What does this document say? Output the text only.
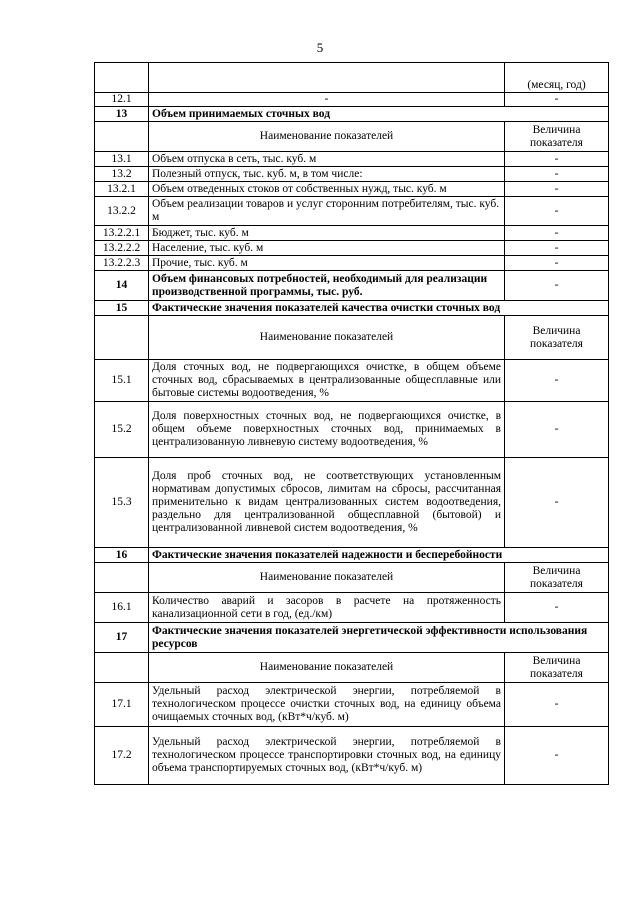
5
		(месяц, год)
12.1	-	-
13	Объем принимаемых сточных вод	
	Наименование показателей	Величина показателя
13.1	Объем отпуска в сеть, тыс. куб. м	-
13.2	Полезный отпуск, тыс. куб. м, в том числе:	-
13.2.1	Объем отведенных стоков от собственных нужд, тыс. куб. м	-
13.2.2	Объем реализации товаров и услуг сторонним потребителям, тыс. куб. м	-
13.2.2.1	Бюджет, тыс. куб. м	-
13.2.2.2	Население, тыс. куб. м	-
13.2.2.3	Прочие, тыс. куб. м	-
14	Объем финансовых потребностей, необходимый для реализации производственной программы, тыс. руб.	-
15	Фактические значения показателей качества очистки сточных вод	
	Наименование показателей	Величина показателя
15.1	Доля сточных вод, не подвергающихся очистке, в общем объеме сточных вод, сбрасываемых в централизованные общесплавные или бытовые системы водоотведения, %	-
15.2	Доля поверхностных сточных вод, не подвергающихся очистке, в общем объеме поверхностных сточных вод, принимаемых в централизованную ливневую систему водоотведения, %	-
15.3	Доля проб сточных вод, не соответствующих установленным нормативам допустимых сбросов, лимитам на сбросы, рассчитанная применительно к видам централизованных систем водоотведения, раздельно для централизованной общесплавной (бытовой) и централизованной ливневой систем водоотведения, %	-
16	Фактические значения показателей надежности и бесперебойности	
	Наименование показателей	Величина показателя
16.1	Количество аварий и засоров в расчете на протяженность канализационной сети в год, (ед./км)	-
17	Фактические значения показателей энергетической эффективности использования ресурсов	
	Наименование показателей	Величина показателя
17.1	Удельный расход электрической энергии, потребляемой в технологическом процессе очистки сточных вод, на единицу объема очищаемых сточных вод, (кВт*ч/куб. м)	-
17.2	Удельный расход электрической энергии, потребляемой в технологическом процессе транспортировки сточных вод, на единицу объема транспортируемых сточных вод, (кВт*ч/куб. м)	-
